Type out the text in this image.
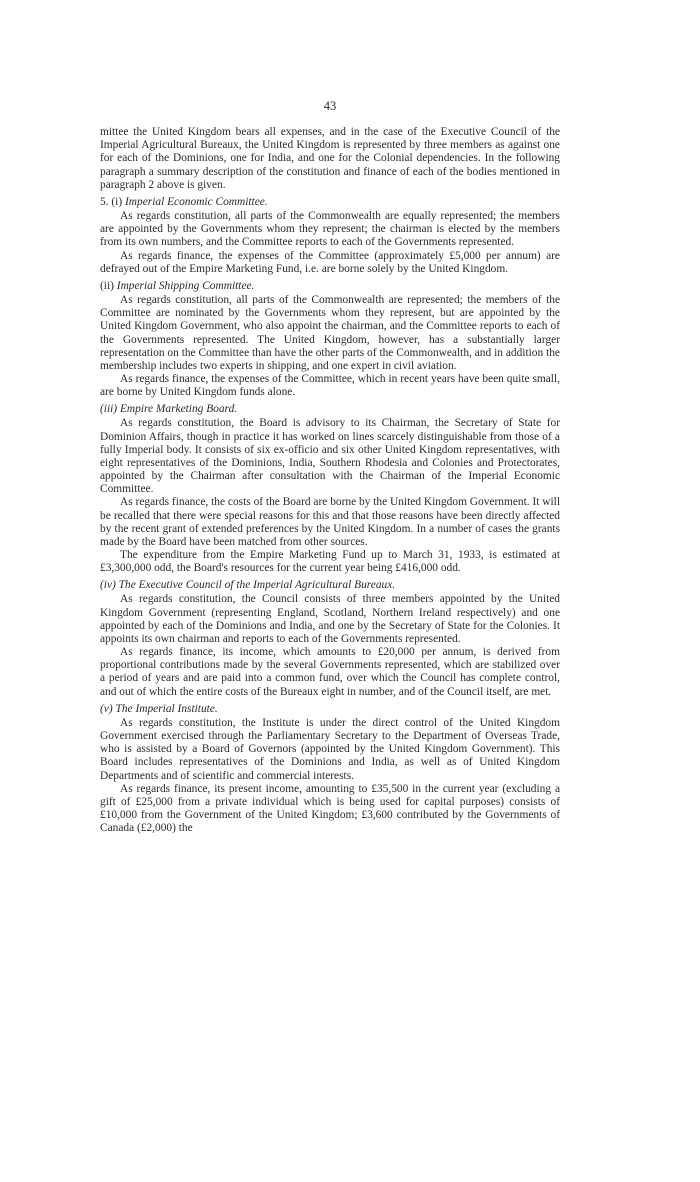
43

mittee the United Kingdom bears all expenses, and in the case of the Executive Council of the Imperial Agricultural Bureaux, the United Kingdom is represented by three members as against one for each of the Dominions, one for India, and one for the Colonial dependencies. In the following paragraph a summary description of the constitution and finance of each of the bodies mentioned in paragraph 2 above is given.

5. (i) Imperial Economic Committee.

As regards constitution, all parts of the Commonwealth are equally represented; the members are appointed by the Governments whom they represent; the chairman is elected by the members from its own numbers, and the Committee reports to each of the Governments represented.

As regards finance, the expenses of the Committee (approximately £5,000 per annum) are defrayed out of the Empire Marketing Fund, i.e. are borne solely by the United Kingdom.

(ii) Imperial Shipping Committee.

As regards constitution, all parts of the Commonwealth are represented; the members of the Committee are nominated by the Governments whom they represent, but are appointed by the United Kingdom Government, who also appoint the chairman, and the Committee reports to each of the Governments represented. The United Kingdom, however, has a substantially larger representation on the Committee than have the other parts of the Commonwealth, and in addition the membership includes two experts in shipping, and one expert in civil aviation.

As regards finance, the expenses of the Committee, which in recent years have been quite small, are borne by United Kingdom funds alone.

(iii) Empire Marketing Board.

As regards constitution, the Board is advisory to its Chairman, the Secretary of State for Dominion Affairs, though in practice it has worked on lines scarcely distinguishable from those of a fully Imperial body. It consists of six ex-officio and six other United Kingdom representatives, with eight representatives of the Dominions, India, Southern Rhodesia and Colonies and Protectorates, appointed by the Chairman after consultation with the Chairman of the Imperial Economic Committee.

As regards finance, the costs of the Board are borne by the United Kingdom Government. It will be recalled that there were special reasons for this and that those reasons have been directly affected by the recent grant of extended preferences by the United Kingdom. In a number of cases the grants made by the Board have been matched from other sources.

The expenditure from the Empire Marketing Fund up to March 31, 1933, is estimated at £3,300,000 odd, the Board's resources for the current year being £416,000 odd.

(iv) The Executive Council of the Imperial Agricultural Bureaux.

As regards constitution, the Council consists of three members appointed by the United Kingdom Government (representing England, Scotland, Northern Ireland respectively) and one appointed by each of the Dominions and India, and one by the Secretary of State for the Colonies. It appoints its own chairman and reports to each of the Governments represented.

As regards finance, its income, which amounts to £20,000 per annum, is derived from proportional contributions made by the several Governments represented, which are stabilized over a period of years and are paid into a common fund, over which the Council has complete control, and out of which the entire costs of the Bureaux eight in number, and of the Council itself, are met.

(v) The Imperial Institute.

As regards constitution, the Institute is under the direct control of the United Kingdom Government exercised through the Parliamentary Secretary to the Department of Overseas Trade, who is assisted by a Board of Governors (appointed by the United Kingdom Government). This Board includes representatives of the Dominions and India, as well as of United Kingdom Departments and of scientific and commercial interests.

As regards finance, its present income, amounting to £35,500 in the current year (excluding a gift of £25,000 from a private individual which is being used for capital purposes) consists of £10,000 from the Government of the United Kingdom; £3,600 contributed by the Governments of Canada (£2,000) the
